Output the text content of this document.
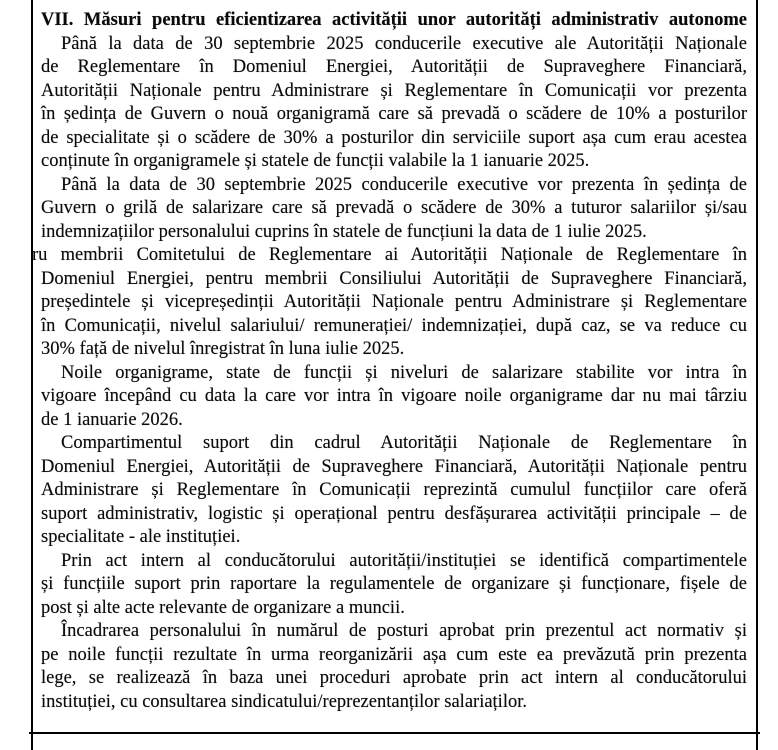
VII. Măsuri pentru eficientizarea activității unor autorități administrativ autonome
Până la data de 30 septembrie 2025 conducerile executive ale Autorității Naționale
de Reglementare în Domeniul Energiei, Autorității de Supraveghere Financiară,
Autorității Naționale pentru Administrare și Reglementare în Comunicații vor prezenta
în ședința de Guvern o nouă organigramă care să prevadă o scădere de 10% a posturilor
de specialitate și o scădere de 30% a posturilor din serviciile suport așa cum erau acestea
conținute în organigramele și statele de funcții valabile la 1 ianuarie 2025.
Până la data de 30 septembrie 2025 conducerile executive vor prezenta în ședința de
Guvern o grilă de salarizare care să prevadă o scădere de 30% a tuturor salariilor și/sau
indemnizațiilor personalului cuprins în statele de funcțiuni la data de 1 iulie 2025.
ru membrii Comitetului de Reglementare ai Autorității Naționale de Reglementare în
Domeniul Energiei, pentru membrii Consiliului Autorității de Supraveghere Financiară,
președintele și vicepreședinții Autorității Naționale pentru Administrare și Reglementare
în Comunicații, nivelul salariului/ remunerației/ indemnizației, după caz, se va reduce cu
30% față de nivelul înregistrat în luna iulie 2025.
Noile organigrame, state de funcții și niveluri de salarizare stabilite vor intra în
vigoare începând cu data la care vor intra în vigoare noile organigrame dar nu mai târziu
de 1 ianuarie 2026.
Compartimentul suport din cadrul Autorității Naționale de Reglementare în
Domeniul Energiei, Autorității de Supraveghere Financiară, Autorității Naționale pentru
Administrare și Reglementare în Comunicații reprezintă cumulul funcțiilor care oferă
suport administrativ, logistic și operațional pentru desfășurarea activității principale – de
specialitate - ale instituției.
Prin act intern al conducătorului autorității/instituției se identifică compartimentele
și funcțiile suport prin raportare la regulamentele de organizare și funcționare, fișele de
post și alte acte relevante de organizare a muncii.
Încadrarea personalului în numărul de posturi aprobat prin prezentul act normativ și
pe noile funcții rezultate în urma reorganizării așa cum este ea prevăzută prin prezenta
lege, se realizează în baza unei proceduri aprobate prin act intern al conducătorului
instituției, cu consultarea sindicatului/reprezentanților salariaților.
